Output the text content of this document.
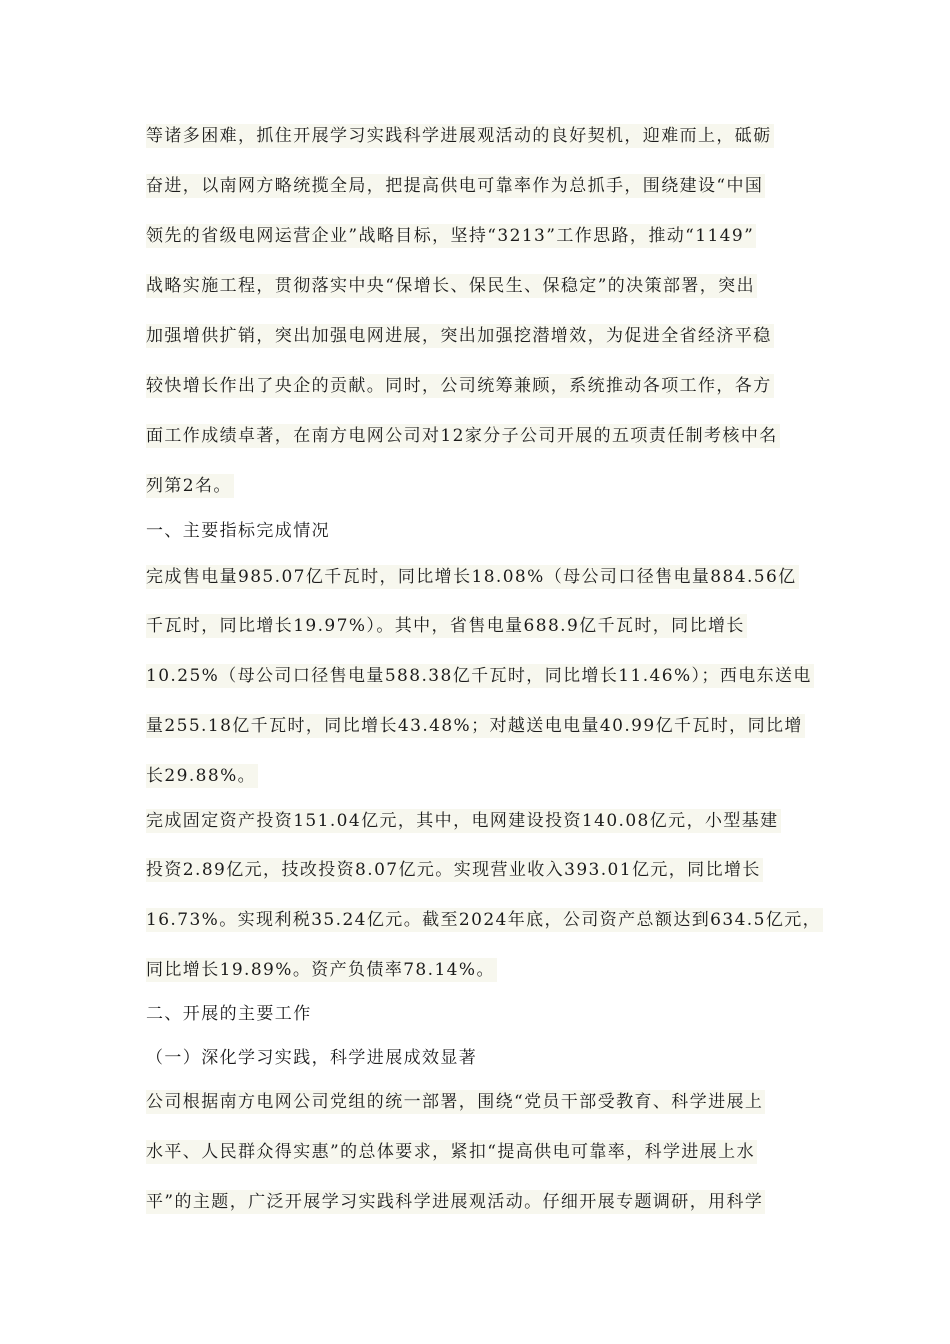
等诸多困难，抓住开展学习实践科学进展观活动的良好契机，迎难而上，砥砺
奋进，以南网方略统揽全局，把提高供电可靠率作为总抓手，围绕建设“中国
领先的省级电网运营企业”战略目标，坚持“3213”工作思路，推动“1149”
战略实施工程，贯彻落实中央“保增长、保民生、保稳定”的决策部署，突出
加强增供扩销，突出加强电网进展，突出加强挖潜增效，为促进全省经济平稳
较快增长作出了央企的贡献。同时，公司统筹兼顾，系统推动各项工作，各方
面工作成绩卓著，在南方电网公司对12家分子公司开展的五项责任制考核中名
列第2名。
一、主要指标完成情况
完成售电量985.07亿千瓦时，同比增长18.08%（母公司口径售电量884.56亿
千瓦时，同比增长19.97%）。其中，省售电量688.9亿千瓦时，同比增长
10.25%（母公司口径售电量588.38亿千瓦时，同比增长11.46%）；西电东送电
量255.18亿千瓦时，同比增长43.48%；对越送电电量40.99亿千瓦时，同比增
长29.88%。
完成固定资产投资151.04亿元，其中，电网建设投资140.08亿元，小型基建
投资2.89亿元，技改投资8.07亿元。实现营业收入393.01亿元，同比增长
16.73%。实现利税35.24亿元。截至2024年底，公司资产总额达到634.5亿元，
同比增长19.89%。资产负债率78.14%。
二、开展的主要工作
（一）深化学习实践，科学进展成效显著
公司根据南方电网公司党组的统一部署，围绕“党员干部受教育、科学进展上
水平、人民群众得实惠”的总体要求，紧扣“提高供电可靠率，科学进展上水
平”的主题，广泛开展学习实践科学进展观活动。仔细开展专题调研，用科学
